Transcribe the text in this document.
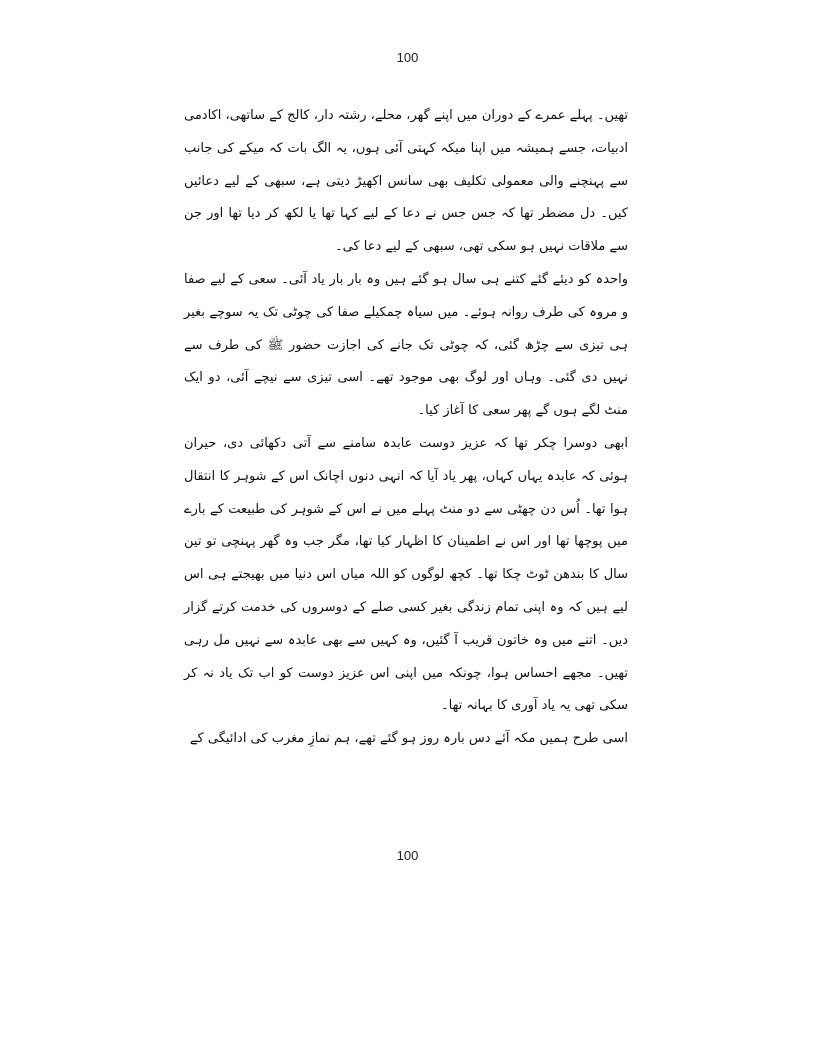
100

تھیں۔ پہلے عمرے کے دوران میں اپنے گھر، محلے، رشتہ دار، کالج کے ساتھی، اکادمی ادبیات، جسے ہمیشہ میں اپنا میکہ کہتی آئی ہوں، یہ الگ بات کہ میکے کی جانب سے پہنچنے والی معمولی تکلیف بھی سانس اکھیڑ دیتی ہے، سبھی کے لیے دعائیں کیں۔ دل مضطر تھا کہ جس جس نے دعا کے لیے کہا تھا یا لکھ کر دیا تھا اور جن سے ملاقات نہیں ہو سکی تھی، سبھی کے لیے دعا کی۔

واحدہ کو دیئے گئے کتنے ہی سال ہو گئے ہیں وہ بار بار یاد آئی۔ سعی کے لیے صفا و مروہ کی طرف روانہ ہوئے۔ میں سیاہ چمکیلے صفا کی چوٹی تک یہ سوچے بغیر ہی تیزی سے چڑھ گئی، کہ چوٹی تک جانے کی اجازت حضور ﷺ کی طرف سے نہیں دی گئی۔ وہاں اور لوگ بھی موجود تھے۔ اسی تیزی سے نیچے آئی، دو ایک منٹ لگے ہوں گے پھر سعی کا آغاز کیا۔

ابھی دوسرا چکر تھا کہ عزیز دوست عابدہ سامنے سے آتی دکھائی دی، حیران ہوئی کہ عابدہ یہاں کہاں، پھر یاد آیا کہ انہی دنوں اچانک اس کے شوہر کا انتقال ہوا تھا۔ اُس دن چھٹی سے دو منٹ پہلے میں نے اس کے شوہر کی طبیعت کے بارے میں پوچھا تھا اور اس نے اطمینان کا اظہار کیا تھا، مگر جب وہ گھر پہنچی تو تین سال کا بندھن ٹوٹ چکا تھا۔ کچھ لوگوں کو اللہ میاں اس دنیا میں بھیجتے ہی اس لیے ہیں کہ وہ اپنی تمام زندگی بغیر کسی صلے کے دوسروں کی خدمت کرتے گزار دیں۔ اتنے میں وہ خاتون قریب آ گئیں، وہ کہیں سے بھی عابدہ سے نہیں مل رہی تھیں۔ مجھے احساس ہوا، چونکہ میں اپنی اس عزیز دوست کو اب تک یاد نہ کر سکی تھی یہ یاد آوری کا بہانہ تھا۔

اسی طرح ہمیں مکہ آئے دس بارہ روز ہو گئے تھے، ہم نمازِ مغرب کی ادائیگی کے

100
